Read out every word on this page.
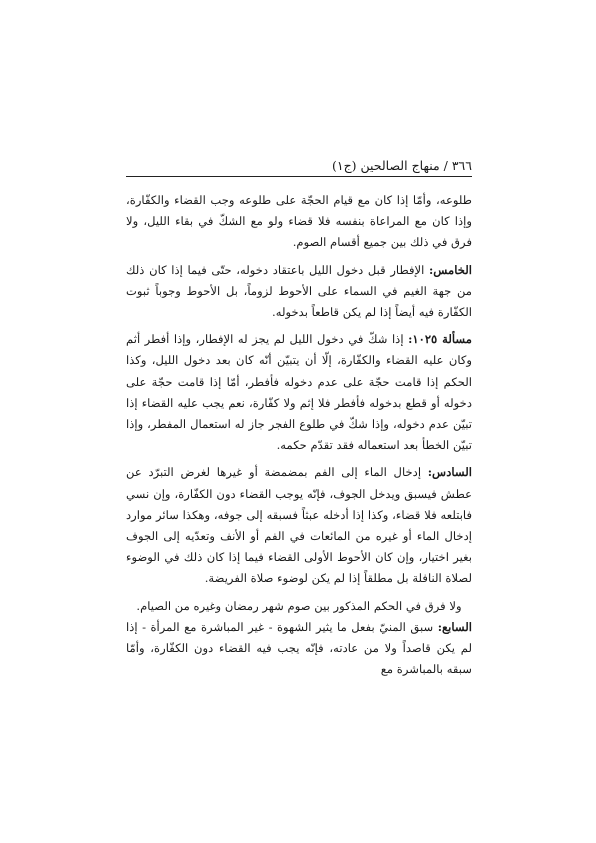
٣٦٦ / منهاج الصالحين (ج١)

طلوعه، وأمّا إذا كان مع قيام الحجّة على طلوعه وجب القضاء والكفّارة، وإذا كان مع المراعاة بنفسه فلا قضاء ولو مع الشكّ في بقاء الليل، ولا فرق في ذلك بين جميع أقسام الصوم.

الخامس: الإفطار قبل دخول الليل باعتقاد دخوله، حتّى فيما إذا كان ذلك من جهة الغيم في السماء على الأحوط لزوماً، بل الأحوط وجوباً ثبوت الكفّارة فيه أيضاً إذا لم يكن قاطعاً بدخوله.

مسألة ١٠٢٥: إذا شكّ في دخول الليل لم يجز له الإفطار، وإذا أفطر أثم وكان عليه القضاء والكفّارة، إلّا أن يتبيّن أنّه كان بعد دخول الليل، وكذا الحكم إذا قامت حجّة على عدم دخوله فأفطر، أمّا إذا قامت حجّة على دخوله أو قطع بدخوله فأفطر فلا إثم ولا كفّارة، نعم يجب عليه القضاء إذا تبيّن عدم دخوله، وإذا شكّ في طلوع الفجر جاز له استعمال المفطر، وإذا تبيّن الخطأ بعد استعماله فقد تقدّم حكمه.

السادس: إدخال الماء إلى الفم بمضمضة أو غيرها لغرض التبرّد عن عطش فيسبق ويدخل الجوف، فإنّه يوجب القضاء دون الكفّارة، وإن نسي فابتلعه فلا قضاء، وكذا إذا أدخله عبثاً فسبقه إلى جوفه، وهكذا سائر موارد إدخال الماء أو غيره من المائعات في الفم أو الأنف وتعدّيه إلى الجوف بغير اختيار، وإن كان الأحوط الأولى القضاء فيما إذا كان ذلك في الوضوء لصلاة النافلة بل مطلقاً إذا لم يكن لوضوء صلاة الفريضة.

ولا فرق في الحكم المذكور بين صوم شهر رمضان وغيره من الصيام.

السابع: سبق المنيّ بفعل ما يثير الشهوة - غير المباشرة مع المرأة - إذا لم يكن قاصداً ولا من عادته، فإنّه يجب فيه القضاء دون الكفّارة، وأمّا سبقه بالمباشرة مع
